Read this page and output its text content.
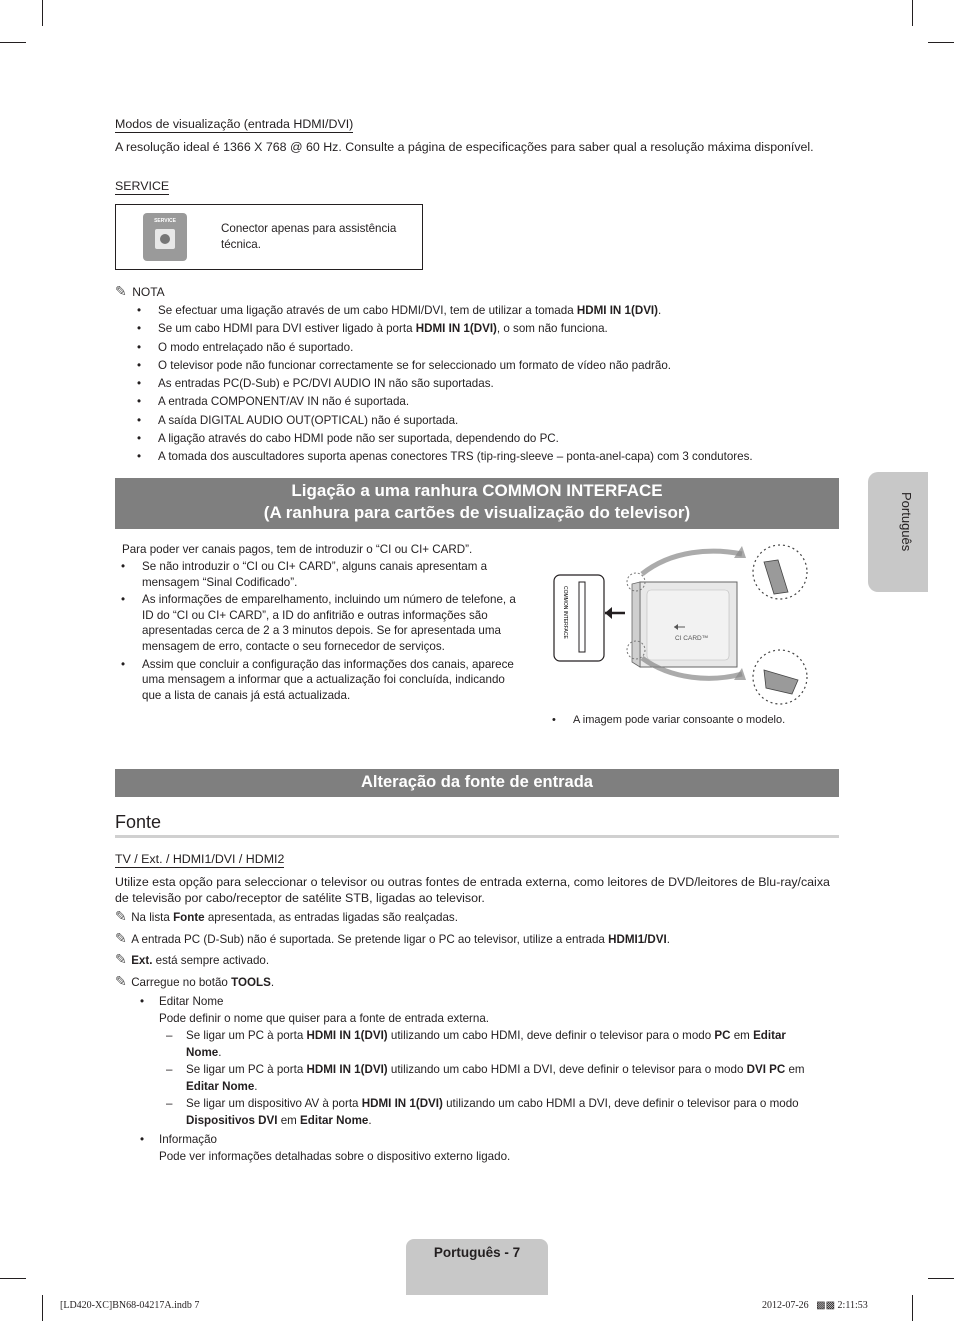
Modos de visualização (entrada HDMI/DVI)
A resolução ideal é 1366 X 768 @ 60 Hz. Consulte a página de especificações para saber qual a resolução máxima disponível.
SERVICE
SERVICE
Conector apenas para assistência técnica.
✎ NOTA
• Se efectuar uma ligação através de um cabo HDMI/DVI, tem de utilizar a tomada HDMI IN 1(DVI).
• Se um cabo HDMI para DVI estiver ligado à porta HDMI IN 1(DVI), o som não funciona.
• O modo entrelaçado não é suportado.
• O televisor pode não funcionar correctamente se for seleccionado um formato de vídeo não padrão.
• As entradas PC(D-Sub) e PC/DVI AUDIO IN não são suportadas.
• A entrada COMPONENT/AV IN não é suportada.
• A saída DIGITAL AUDIO OUT(OPTICAL) não é suportada.
• A ligação através do cabo HDMI pode não ser suportada, dependendo do PC.
• A tomada dos auscultadores suporta apenas conectores TRS (tip-ring-sleeve – ponta-anel-capa) com 3 condutores.
Ligação a uma ranhura COMMON INTERFACE
(A ranhura para cartões de visualização do televisor)
Para poder ver canais pagos, tem de introduzir o “CI ou CI+ CARD”.
• Se não introduzir o “CI ou CI+ CARD”, alguns canais apresentam a mensagem “Sinal Codificado”.
• As informações de emparelhamento, incluindo um número de telefone, a ID do “CI ou CI+ CARD”, a ID do anfitrião e outras informações são apresentadas cerca de 2 a 3 minutos depois. Se for apresentada uma mensagem de erro, contacte o seu fornecedor de serviços.
• Assim que concluir a configuração das informações dos canais, aparece uma mensagem a informar que a actualização foi concluída, indicando que a lista de canais já está actualizada.
COMMON INTERFACE	CI CARD™
• A imagem pode variar consoante o modelo.
Alteração da fonte de entrada
Fonte
TV / Ext. / HDMI1/DVI / HDMI2
Utilize esta opção para seleccionar o televisor ou outras fontes de entrada externa, como leitores de DVD/leitores de Blu-ray/caixa de televisão por cabo/receptor de satélite STB, ligadas ao televisor.
✎ Na lista Fonte apresentada, as entradas ligadas são realçadas.
✎ A entrada PC (D-Sub) não é suportada. Se pretende ligar o PC ao televisor, utilize a entrada HDMI1/DVI.
✎ Ext. está sempre activado.
✎ Carregue no botão TOOLS.
• Editar Nome
Pode definir o nome que quiser para a fonte de entrada externa.
– Se ligar um PC à porta HDMI IN 1(DVI) utilizando um cabo HDMI, deve definir o televisor para o modo PC em Editar Nome.
– Se ligar um PC à porta HDMI IN 1(DVI) utilizando um cabo HDMI a DVI, deve definir o televisor para o modo DVI PC em Editar Nome.
– Se ligar um dispositivo AV à porta HDMI IN 1(DVI) utilizando um cabo HDMI a DVI, deve definir o televisor para o modo Dispositivos DVI em Editar Nome.
• Informação
Pode ver informações detalhadas sobre o dispositivo externo ligado.
Português
Português - 7
[LD420-XC]BN68-04217A.indb 7	2012-07-26   ▩▩ 2:11:53
